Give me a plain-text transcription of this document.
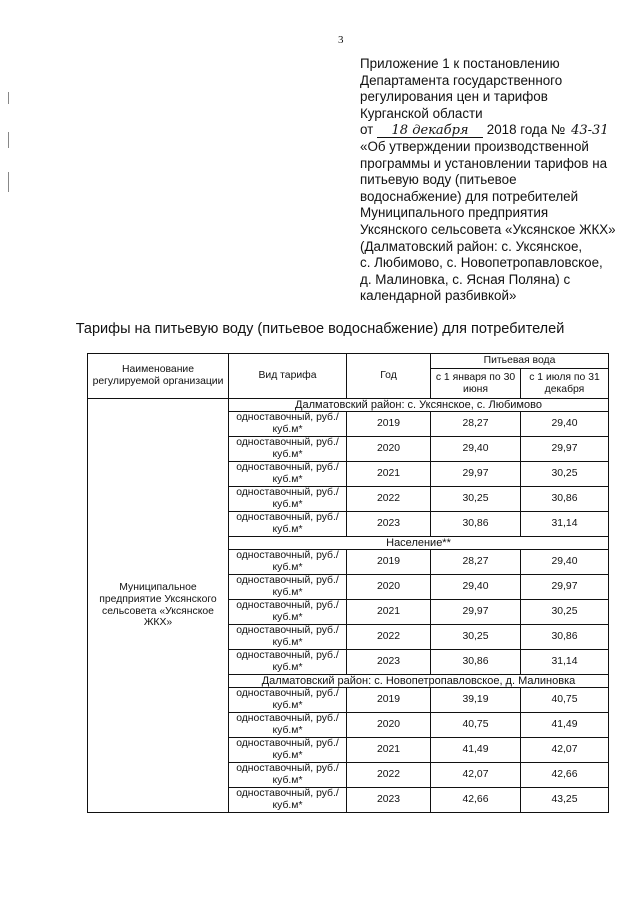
3
Приложение 1 к постановлению
Департамента государственного
регулирования цен и тарифов
Курганской области
от 18 декабря 2018 года № 43-31
«Об утверждении производственной
программы и установлении тарифов на
питьевую воду (питьевое
водоснабжение) для потребителей
Муниципального предприятия
Уксянского сельсовета «Уксянское ЖКХ»
(Далматовский район: с. Уксянское,
с. Любимово, с. Новопетропавловское,
д. Малиновка, с. Ясная Поляна) с
календарной разбивкой»
Тарифы на питьевую воду (питьевое водоснабжение) для потребителей
Наименование регулируемой организации	Вид тарифа	Год	Питьевая вода	
			с 1 января по 30 июня	с 1 июля по 31 декабря
Муниципальное предприятие Уксянского сельсовета «Уксянское ЖКХ»	Далматовский район: с. Уксянское, с. Любимово			
	одноставочный, руб./куб.м*	2019	28,27	29,40
	одноставочный, руб./куб.м*	2020	29,40	29,97
	одноставочный, руб./куб.м*	2021	29,97	30,25
	одноставочный, руб./куб.м*	2022	30,25	30,86
	одноставочный, руб./куб.м*	2023	30,86	31,14
	Население**			
	одноставочный, руб./куб.м*	2019	28,27	29,40
	одноставочный, руб./куб.м*	2020	29,40	29,97
	одноставочный, руб./куб.м*	2021	29,97	30,25
	одноставочный, руб./куб.м*	2022	30,25	30,86
	одноставочный, руб./куб.м*	2023	30,86	31,14
	Далматовский район: с. Новопетропавловское, д. Малиновка			
	одноставочный, руб./куб.м*	2019	39,19	40,75
	одноставочный, руб./куб.м*	2020	40,75	41,49
	одноставочный, руб./куб.м*	2021	41,49	42,07
	одноставочный, руб./куб.м*	2022	42,07	42,66
	одноставочный, руб./куб.м*	2023	42,66	43,25
